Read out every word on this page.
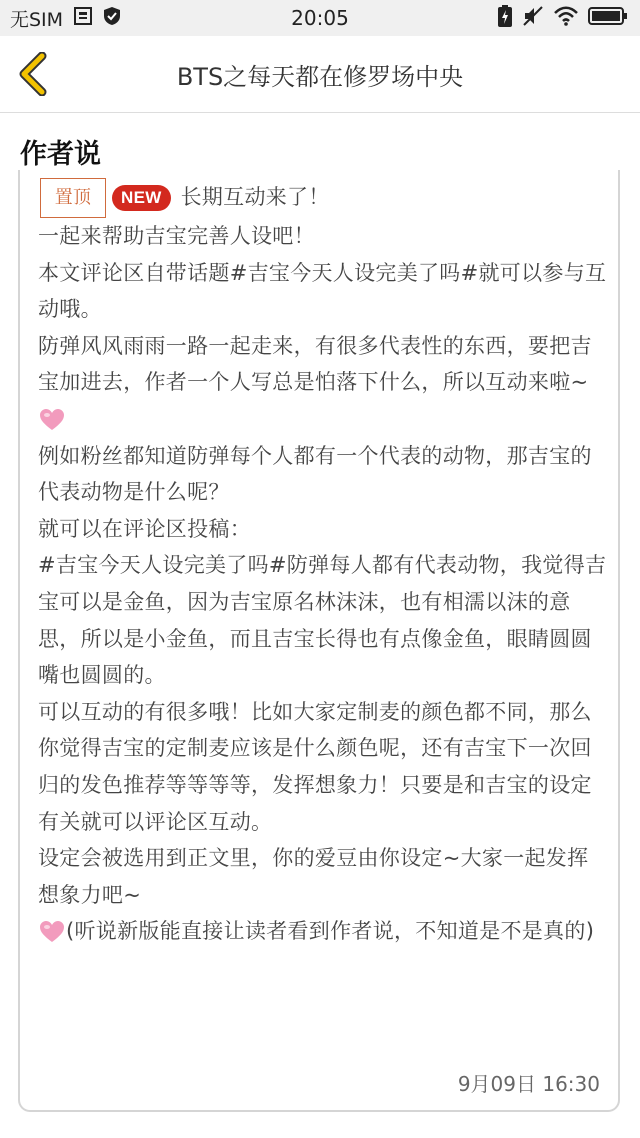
无SIM	20:05
BTS之每天都在修罗场中央
作者说

置顶 NEW 长期互动来了！

一起来帮助吉宝完善人设吧！

本文评论区自带话题#吉宝今天人设完美了吗#就可以参与互动哦。

防弹风风雨雨一路一起走来，有很多代表性的东西，要把吉宝加进去，作者一个人写总是怕落下什么，所以互动来啦~

例如粉丝都知道防弹每个人都有一个代表的动物，那吉宝的代表动物是什么呢？

就可以在评论区投稿：

#吉宝今天人设完美了吗#防弹每人都有代表动物，我觉得吉宝可以是金鱼，因为吉宝原名林沫沫，也有相濡以沫的意思，所以是小金鱼，而且吉宝长得也有点像金鱼，眼睛圆圆嘴也圆圆的。

可以互动的有很多哦！比如大家定制麦的颜色都不同，那么你觉得吉宝的定制麦应该是什么颜色呢，还有吉宝下一次回归的发色推荐等等等等，发挥想象力！只要是和吉宝的设定有关就可以评论区互动。

设定会被选用到正文里，你的爱豆由你设定~大家一起发挥想象力吧~

(听说新版能直接让读者看到作者说，不知道是不是真的)

9月09日 16:30
